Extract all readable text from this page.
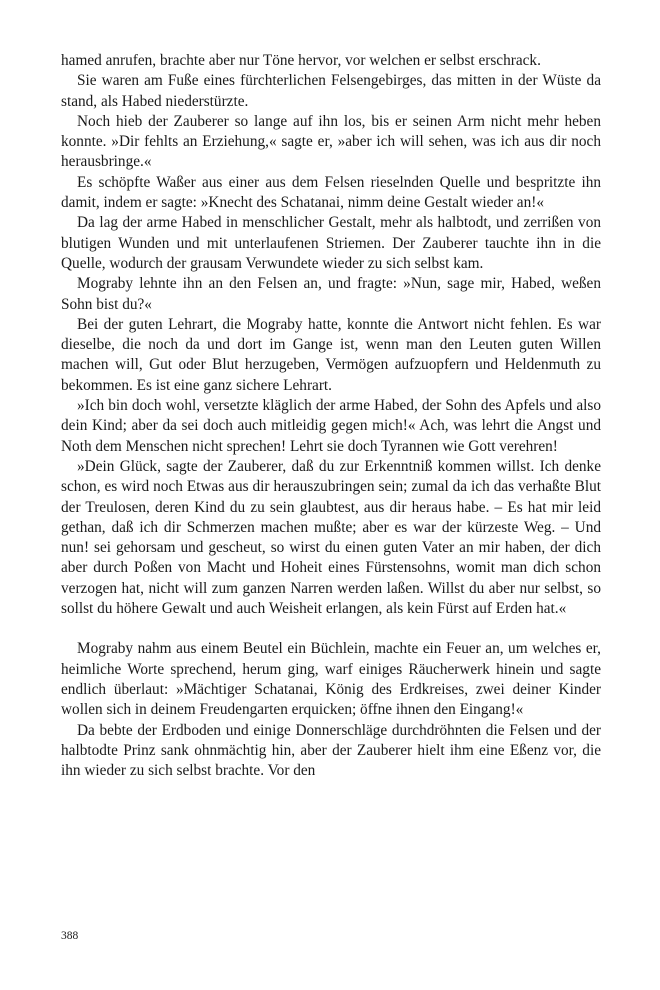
hamed anrufen, brachte aber nur Töne hervor, vor welchen er selbst erschrack.

Sie waren am Fuße eines fürchterlichen Felsengebirges, das mitten in der Wüste da stand, als Habed niederstürzte.

Noch hieb der Zauberer so lange auf ihn los, bis er seinen Arm nicht mehr heben konnte. »Dir fehlts an Erziehung,« sagte er, »aber ich will sehen, was ich aus dir noch herausbringe.«

Es schöpfte Waßer aus einer aus dem Felsen rieselnden Quelle und bespritzte ihn damit, indem er sagte: »Knecht des Schatanai, nimm deine Gestalt wieder an!«

Da lag der arme Habed in menschlicher Gestalt, mehr als halbtodt, und zerrißen von blutigen Wunden und mit unterlaufenen Striemen. Der Zauberer tauchte ihn in die Quelle, wodurch der grausam Verwundete wieder zu sich selbst kam.

Mograby lehnte ihn an den Felsen an, und fragte: »Nun, sage mir, Habed, weßen Sohn bist du?«

Bei der guten Lehrart, die Mograby hatte, konnte die Antwort nicht fehlen. Es war dieselbe, die noch da und dort im Gange ist, wenn man den Leuten guten Willen machen will, Gut oder Blut herzugeben, Vermögen aufzuopfern und Heldenmuth zu bekommen. Es ist eine ganz sichere Lehrart.

»Ich bin doch wohl, versetzte kläglich der arme Habed, der Sohn des Apfels und also dein Kind; aber da sei doch auch mitleidig gegen mich!« Ach, was lehrt die Angst und Noth dem Menschen nicht sprechen! Lehrt sie doch Tyrannen wie Gott verehren!

»Dein Glück, sagte der Zauberer, daß du zur Erkenntniß kommen willst. Ich denke schon, es wird noch Etwas aus dir herauszubringen sein; zumal da ich das verhaßte Blut der Treulosen, deren Kind du zu sein glaubtest, aus dir heraus habe. – Es hat mir leid gethan, daß ich dir Schmerzen machen mußte; aber es war der kürzeste Weg. – Und nun! sei gehorsam und gescheut, so wirst du einen guten Vater an mir haben, der dich aber durch Poßen von Macht und Hoheit eines Fürstensohns, womit man dich schon verzogen hat, nicht will zum ganzen Narren werden laßen. Willst du aber nur selbst, so sollst du höhere Gewalt und auch Weisheit erlangen, als kein Fürst auf Erden hat.«

Mograby nahm aus einem Beutel ein Büchlein, machte ein Feuer an, um welches er, heimliche Worte sprechend, herum ging, warf einiges Räucherwerk hinein und sagte endlich überlaut: »Mächtiger Schatanai, König des Erdkreises, zwei deiner Kinder wollen sich in deinem Freudengarten erquicken; öffne ihnen den Eingang!«

Da bebte der Erdboden und einige Donnerschläge durchdröhnten die Felsen und der halbtodte Prinz sank ohnmächtig hin, aber der Zauberer hielt ihm eine Eßenz vor, die ihn wieder zu sich selbst brachte. Vor den

388
